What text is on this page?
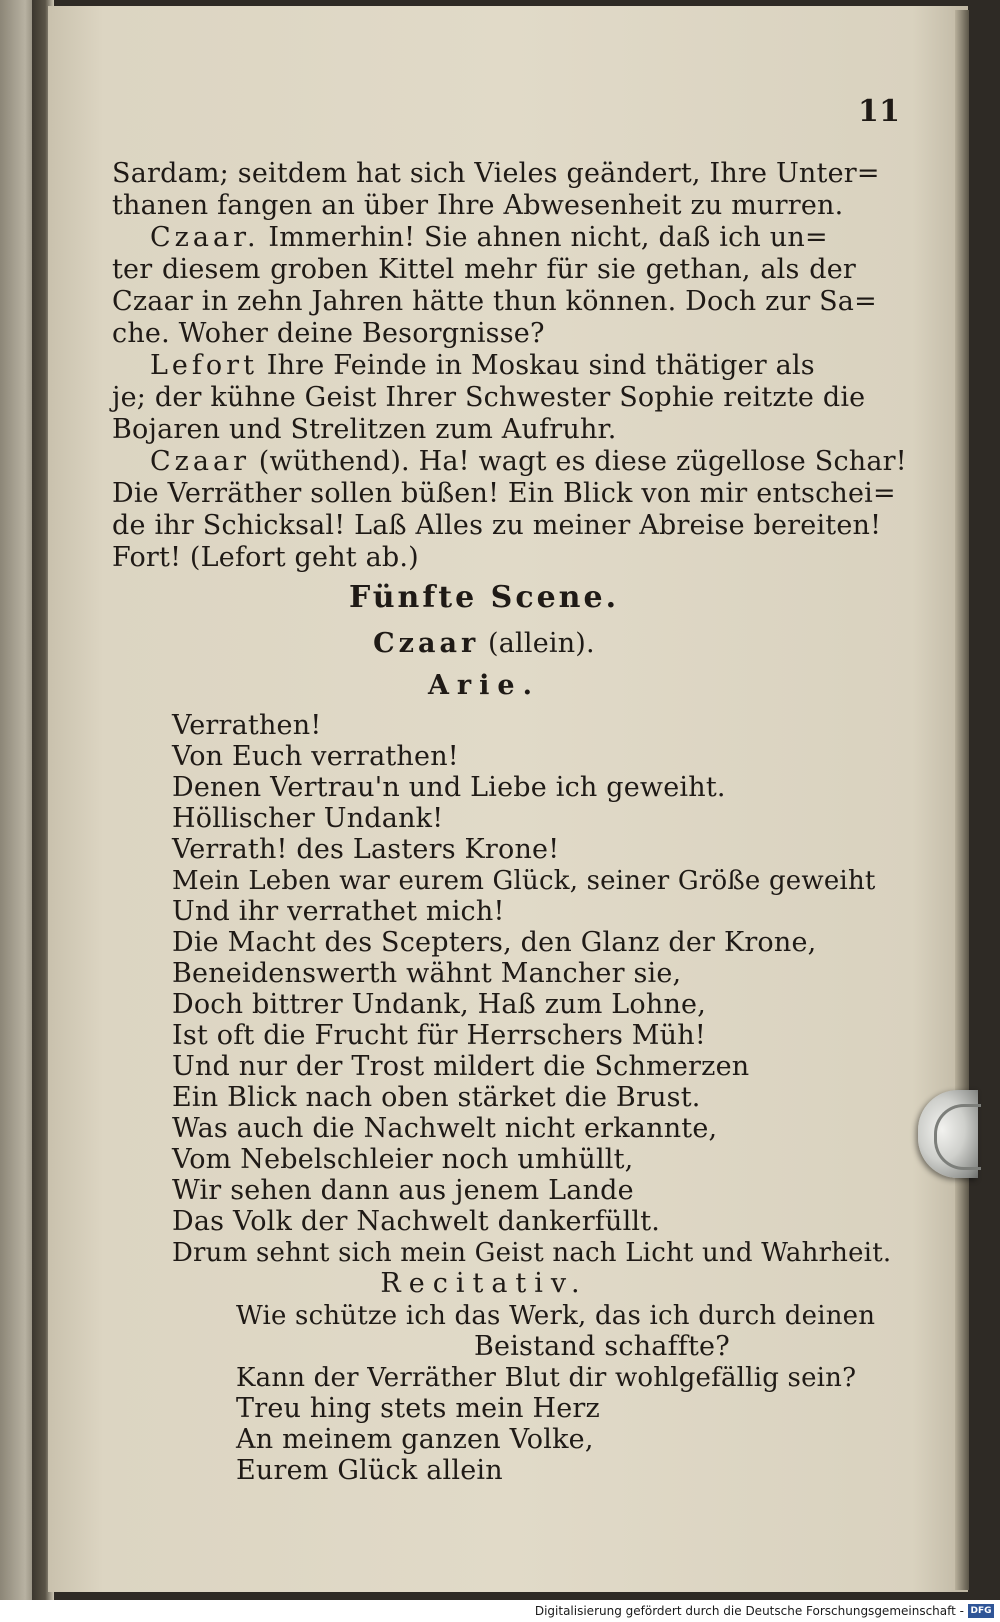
11
Sardam; seitdem hat sich Vieles geändert, Ihre Unter=
thanen fangen an über Ihre Abwesenheit zu murren.
Czaar. Immerhin! Sie ahnen nicht, daß ich un=
ter diesem groben Kittel mehr für sie gethan, als der
Czaar in zehn Jahren hätte thun können. Doch zur Sa=
che. Woher deine Besorgnisse?
Lefort Ihre Feinde in Moskau sind thätiger als
je; der kühne Geist Ihrer Schwester Sophie reitzte die
Bojaren und Strelitzen zum Aufruhr.
Czaar (wüthend). Ha! wagt es diese zügellose Schar!
Die Verräther sollen büßen! Ein Blick von mir entschei=
de ihr Schicksal! Laß Alles zu meiner Abreise bereiten!
Fort! (Lefort geht ab.)
Fünfte Scene.
Czaar (allein).
Arie.
Verrathen!
Von Euch verrathen!
Denen Vertrau'n und Liebe ich geweiht.
Höllischer Undank!
Verrath! des Lasters Krone!
Mein Leben war eurem Glück, seiner Größe geweiht
Und ihr verrathet mich!
Die Macht des Scepters, den Glanz der Krone,
Beneidenswerth wähnt Mancher sie,
Doch bittrer Undank, Haß zum Lohne,
Ist oft die Frucht für Herrschers Müh!
Und nur der Trost mildert die Schmerzen
Ein Blick nach oben stärket die Brust.
Was auch die Nachwelt nicht erkannte,
Vom Nebelschleier noch umhüllt,
Wir sehen dann aus jenem Lande
Das Volk der Nachwelt dankerfüllt.
Drum sehnt sich mein Geist nach Licht und Wahrheit.
Recitativ.
Wie schütze ich das Werk, das ich durch deinen
Beistand schaffte?
Kann der Verräther Blut dir wohlgefällig sein?
Treu hing stets mein Herz
An meinem ganzen Volke,
Eurem Glück allein
Digitalisierung gefördert durch die Deutsche Forschungsgemeinschaft - DFG
